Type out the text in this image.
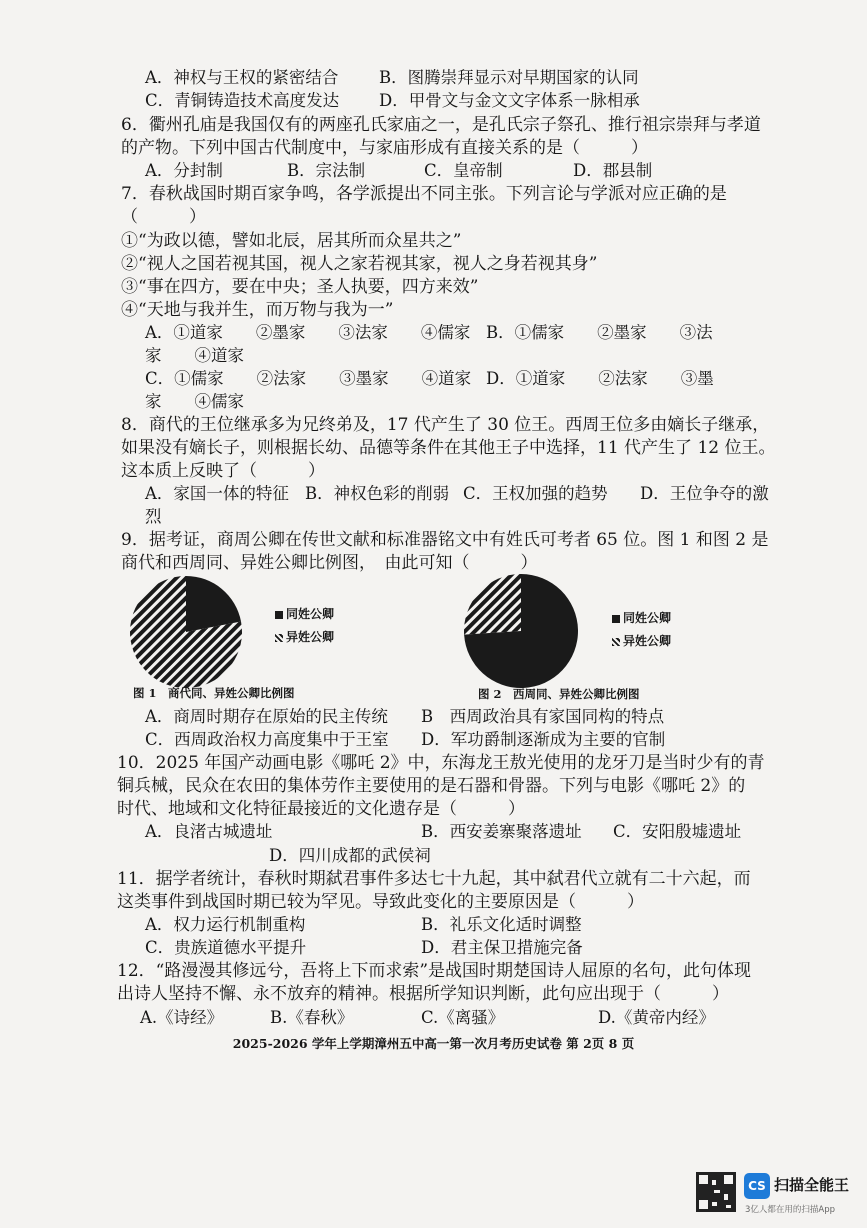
A．神权与王权的紧密结合 B．图腾崇拜显示对早期国家的认同
C．青铜铸造技术高度发达 D．甲骨文与金文文字体系一脉相承
6．衢州孔庙是我国仅有的两座孔氏家庙之一，是孔氏宗子祭孔、推行祖宗崇拜与孝道
的产物。下列中国古代制度中，与家庙形成有直接关系的是（　　　）
A．分封制	B．宗法制	C．皇帝制	D．郡县制
7．春秋战国时期百家争鸣，各学派提出不同主张。下列言论与学派对应正确的是
（　　　）
①“为政以德，譬如北辰，居其所而众星共之”
②“视人之国若视其国，视人之家若视其家，视人之身若视其身”
③“事在四方，要在中央；圣人执要，四方来效”
④“天地与我并生，而万物与我为一”
A．①道家　　②墨家　　③法家　　④儒家 B．①儒家　　②墨家　　③法
家　　④道家
C．①儒家　　②法家　　③墨家　　④道家 D．①道家　　②法家　　③墨
家　　④儒家
8．商代的王位继承多为兄终弟及，17 代产生了 30 位王。西周王位多由嫡长子继承，
如果没有嫡长子，则根据长幼、品德等条件在其他王子中选择，11 代产生了 12 位王。
这本质上反映了（　　　）
A．家国一体的特征 B．神权色彩的削弱 C．王权加强的趋势 D．王位争夺的激
烈
9．据考证，商周公卿在传世文献和标准器铭文中有姓氏可考者 65 位。图 1 和图 2 是
商代和西周同、异姓公卿比例图，　由此可知（　　　）
同姓公卿
异姓公卿
同姓公卿
异姓公卿
图 1　商代同、异姓公卿比例图	图 2　西周同、异姓公卿比例图
A．商周时期存在原始的民主传统 B　西周政治具有家国同构的特点
C．西周政治权力高度集中于王室 D．军功爵制逐渐成为主要的官制
10．2025 年国产动画电影《哪吒 2》中，东海龙王敖光使用的龙牙刀是当时少有的青
铜兵械，民众在农田的集体劳作主要使用的是石器和骨器。下列与电影《哪吒 2》的
时代、地域和文化特征最接近的文化遗存是（　　　）
A．良渚古城遗址	B．西安姜寨聚落遗址 C．安阳殷墟遗址
D．四川成都的武侯祠
11．据学者统计，春秋时期弑君事件多达七十九起，其中弑君代立就有二十六起，而
这类事件到战国时期已较为罕见。导致此变化的主要原因是（　　　）
A．权力运行机制重构	B．礼乐文化适时调整
C．贵族道德水平提升	D．君主保卫措施完备
12．“路漫漫其修远兮，吾将上下而求索”是战国时期楚国诗人屈原的名句，此句体现
出诗人坚持不懈、永不放弃的精神。根据所学知识判断，此句应出现于（　　　）
A.《诗经》	B.《春秋》	C.《离骚》	D.《黄帝内经》
2025-2026 学年上学期漳州五中高一第一次月考历史试卷 第 2页 8 页
CS 扫描全能王
3亿人都在用的扫描App
